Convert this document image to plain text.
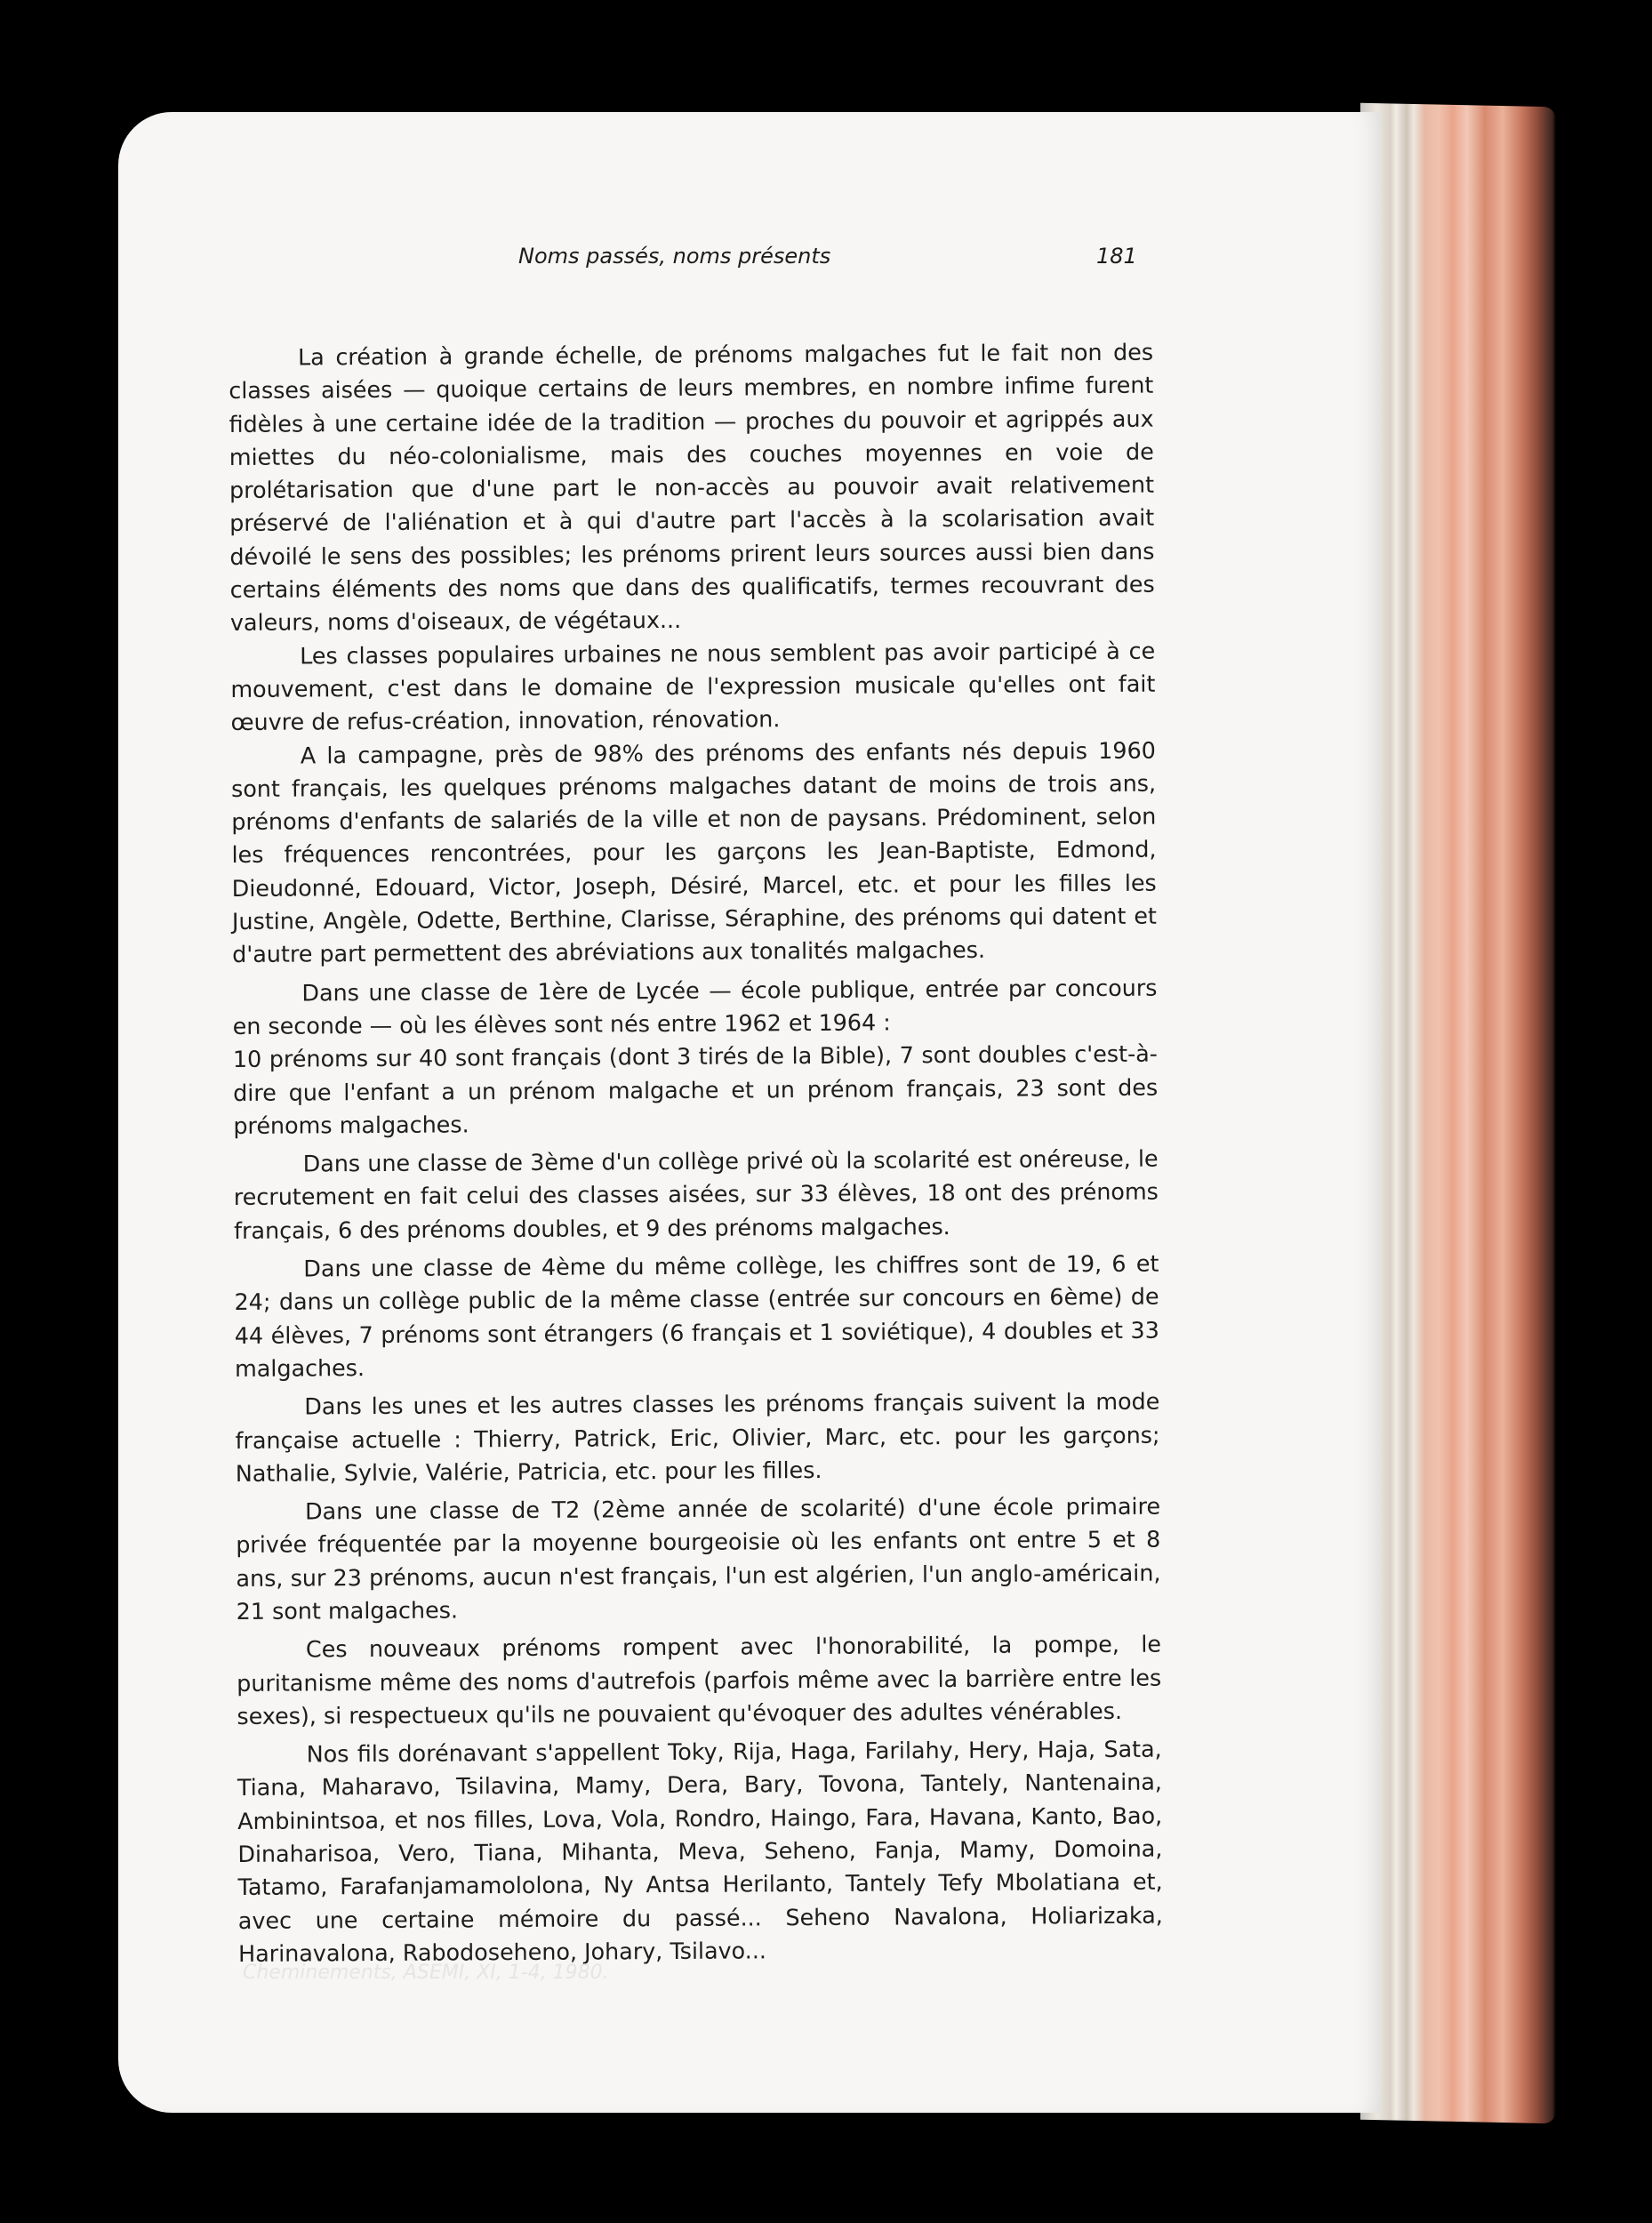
Noms passés, noms présents	181

La création à grande échelle, de prénoms malgaches fut le fait non des classes aisées — quoique certains de leurs membres, en nombre infime furent fidèles à une certaine idée de la tradition — proches du pouvoir et agrippés aux miettes du néo-colonialisme, mais des couches moyennes en voie de prolétarisation que d'une part le non-accès au pouvoir avait relativement préservé de l'aliénation et à qui d'autre part l'accès à la scolarisation avait dévoilé le sens des possibles; les prénoms prirent leurs sources aussi bien dans certains éléments des noms que dans des qualificatifs, termes recouvrant des valeurs, noms d'oiseaux, de végétaux...

Les classes populaires urbaines ne nous semblent pas avoir participé à ce mouvement, c'est dans le domaine de l'expression musicale qu'elles ont fait œuvre de refus-création, innovation, rénovation.

A la campagne, près de 98% des prénoms des enfants nés depuis 1960 sont français, les quelques prénoms malgaches datant de moins de trois ans, prénoms d'enfants de salariés de la ville et non de paysans. Prédominent, selon les fréquences rencontrées, pour les garçons les Jean-Baptiste, Edmond, Dieudonné, Edouard, Victor, Joseph, Désiré, Marcel, etc. et pour les filles les Justine, Angèle, Odette, Berthine, Clarisse, Séraphine, des prénoms qui datent et d'autre part permettent des abréviations aux tonalités malgaches.

Dans une classe de 1ère de Lycée — école publique, entrée par concours en seconde — où les élèves sont nés entre 1962 et 1964 :

10 prénoms sur 40 sont français (dont 3 tirés de la Bible), 7 sont doubles c'est-à-dire que l'enfant a un prénom malgache et un prénom français, 23 sont des prénoms malgaches.

Dans une classe de 3ème d'un collège privé où la scolarité est onéreuse, le recrutement en fait celui des classes aisées, sur 33 élèves, 18 ont des prénoms français, 6 des prénoms doubles, et 9 des prénoms malgaches.

Dans une classe de 4ème du même collège, les chiffres sont de 19, 6 et 24; dans un collège public de la même classe (entrée sur concours en 6ème) de 44 élèves, 7 prénoms sont étrangers (6 français et 1 soviétique), 4 doubles et 33 malgaches.

Dans les unes et les autres classes les prénoms français suivent la mode française actuelle : Thierry, Patrick, Eric, Olivier, Marc, etc. pour les garçons; Nathalie, Sylvie, Valérie, Patricia, etc. pour les filles.

Dans une classe de T2 (2ème année de scolarité) d'une école primaire privée fréquentée par la moyenne bourgeoisie où les enfants ont entre 5 et 8 ans, sur 23 prénoms, aucun n'est français, l'un est algérien, l'un anglo-américain, 21 sont malgaches.

Ces nouveaux prénoms rompent avec l'honorabilité, la pompe, le puritanisme même des noms d'autrefois (parfois même avec la barrière entre les sexes), si respectueux qu'ils ne pouvaient qu'évoquer des adultes vénérables.

Nos fils dorénavant s'appellent Toky, Rija, Haga, Farilahy, Hery, Haja, Sata, Tiana, Maharavo, Tsilavina, Mamy, Dera, Bary, Tovona, Tantely, Nantenaina, Ambinintsoa, et nos filles, Lova, Vola, Rondro, Haingo, Fara, Havana, Kanto, Bao, Dinaharisoa, Vero, Tiana, Mihanta, Meva, Seheno, Fanja, Mamy, Domoina, Tatamo, Farafanjamamololona, Ny Antsa Herilanto, Tantely Tefy Mbolatiana et, avec une certaine mémoire du passé... Seheno Navalona, Holiarizaka, Harinavalona, Rabodoseheno, Johary, Tsilavo...

Cheminements, ASEMI, XI, 1-4, 1980.
